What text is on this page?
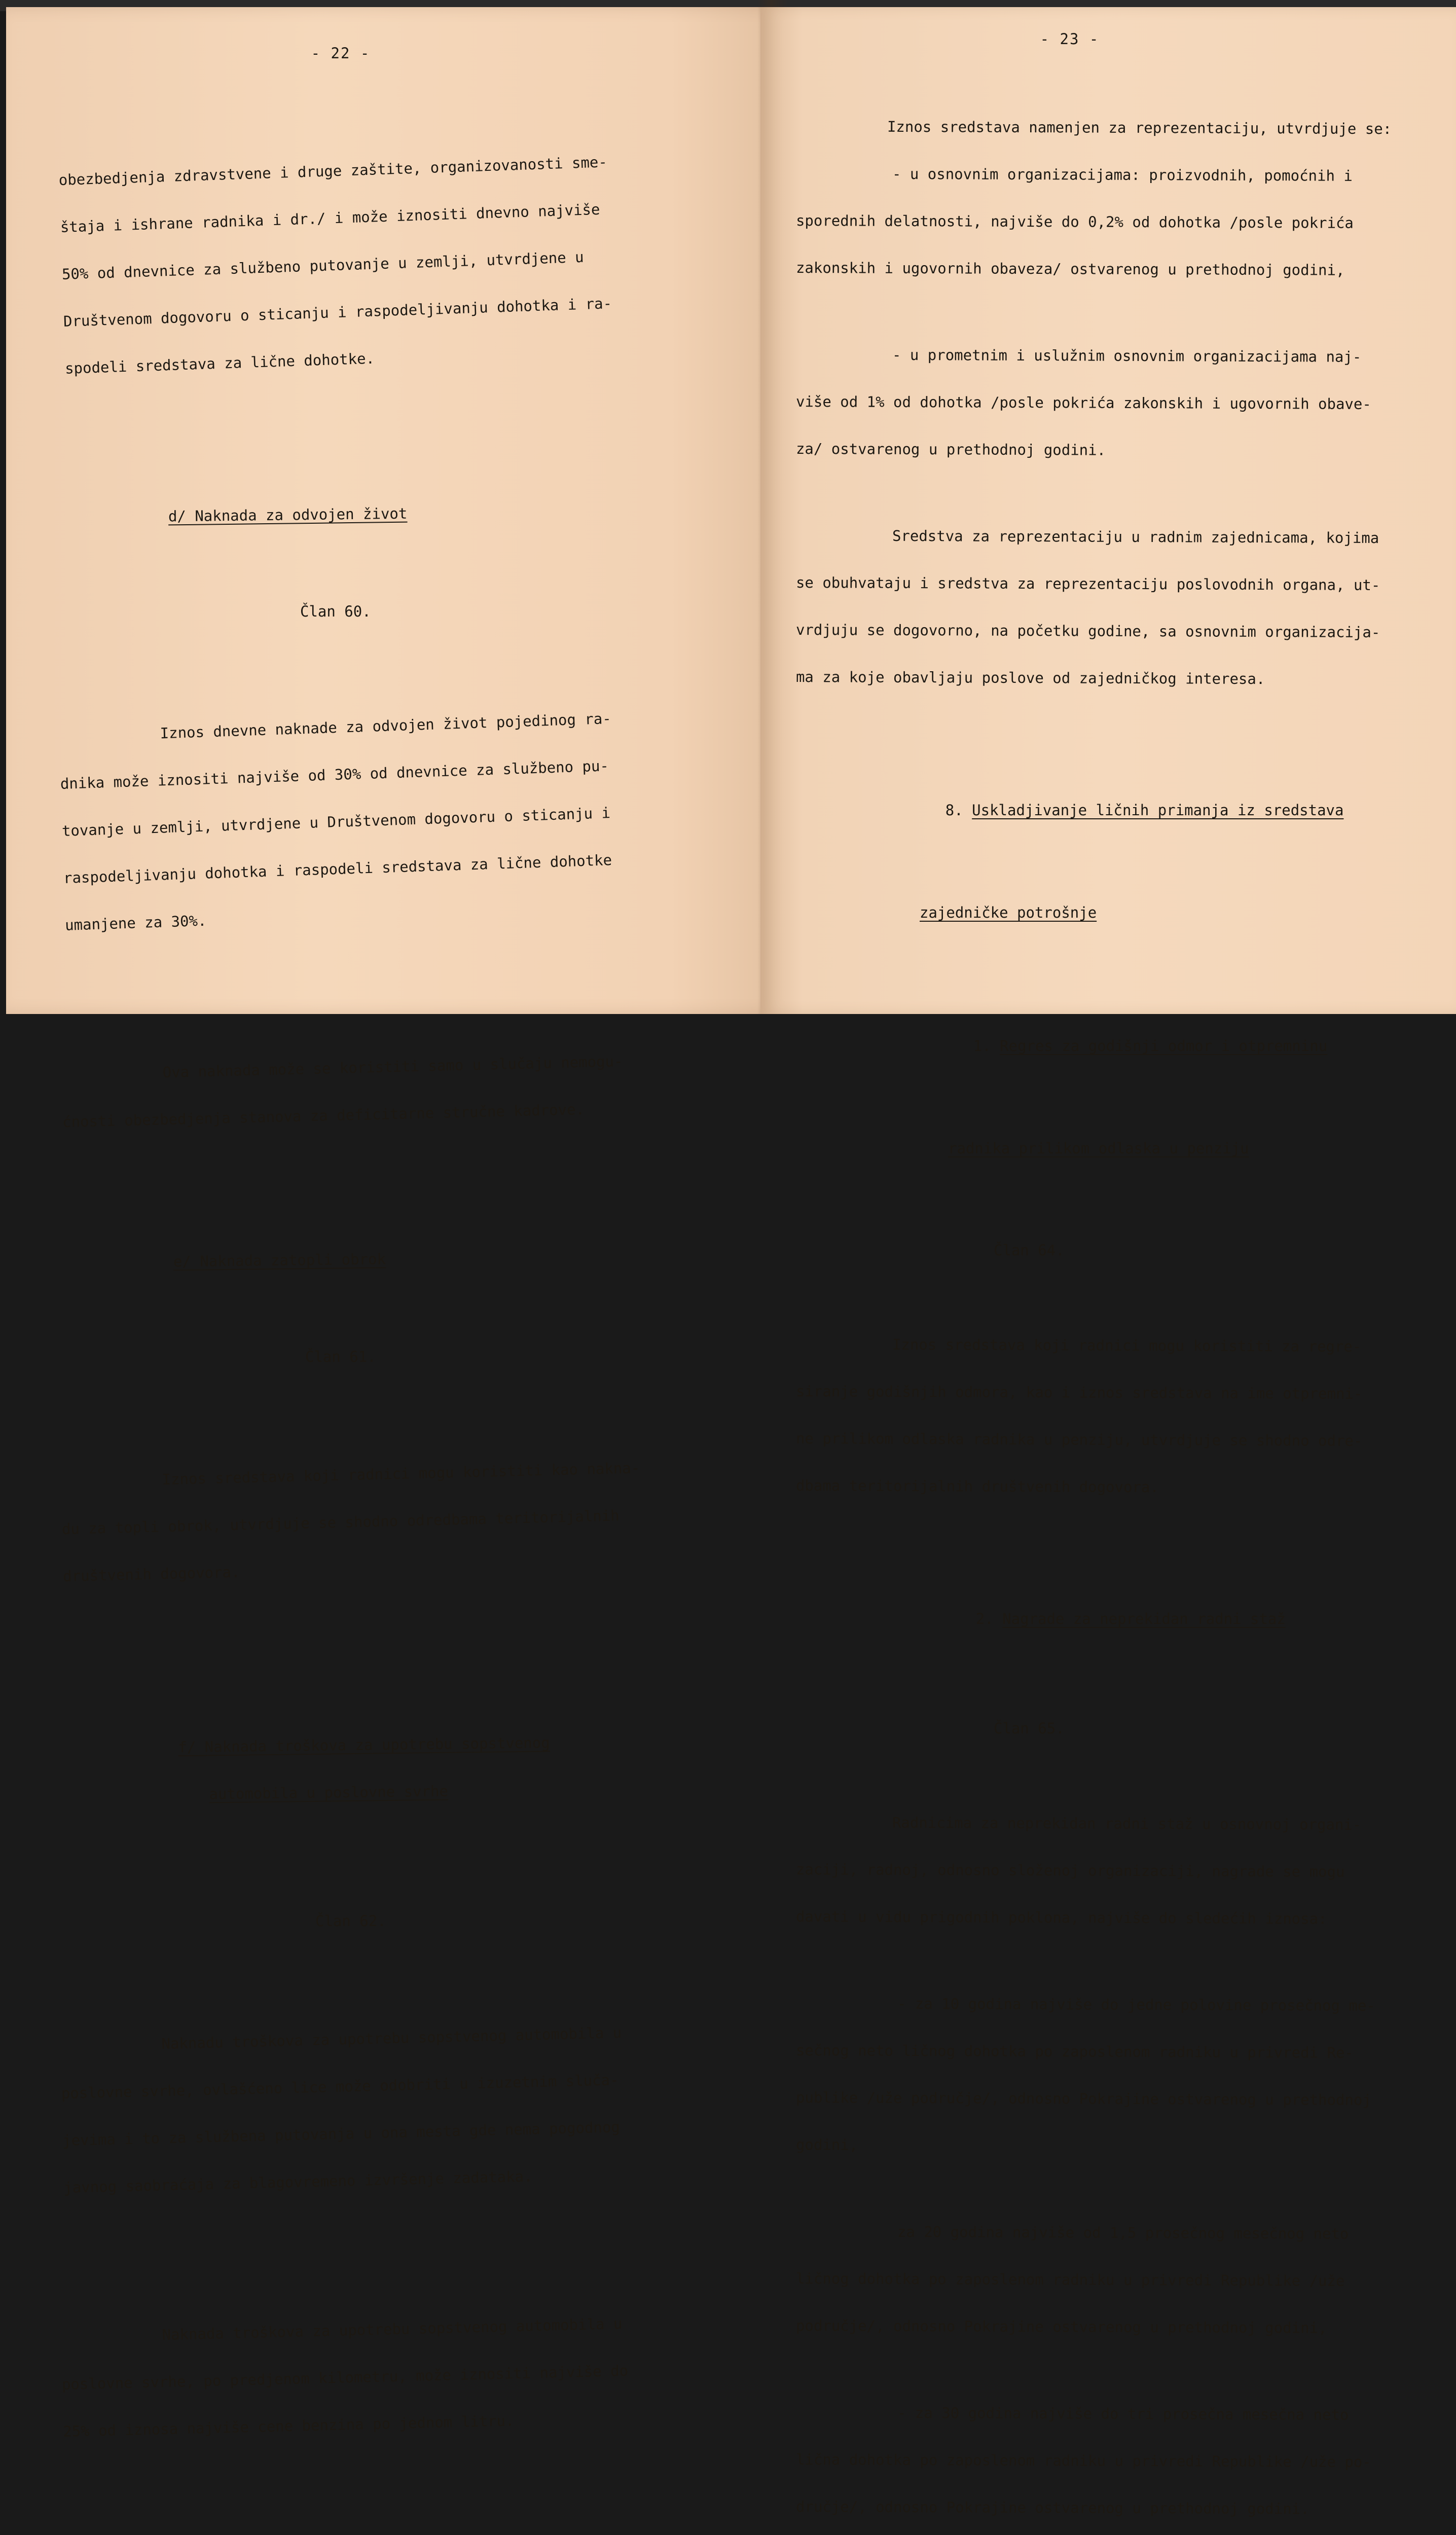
- 22 -

obezbedjenja zdravstvene i druge zaštite, organizovanosti sme-

štaja i ishrane radnika i dr./ i može iznositi dnevno najviše

50% od dnevnice za službeno putovanje u zemlji, utvrdjene u

Društvenom dogovoru o sticanju i raspodeljivanju dohotka i ra-

spodeli sredstava za lične dohotke.

d/ Naknada za odvojen život

Član 60.

Iznos dnevne naknade za odvojen život pojedinog ra-

dnika može iznositi najviše od 30% od dnevnice za službeno pu-

tovanje u zemlji, utvrdjene u Društvenom dogovoru o sticanju i

raspodeljivanju dohotka i raspodeli sredstava za lične dohotke

umanjene za 30%.

Ova naknada može se koristiti samo u slučaju nemogu-

ćnosti obezbedjenja stanova za deficitarne stručne kadrove.

e/ Naknada zatopli obrok

Član 61.

Iznos sredstava koji radnici mogu koristiti kao nakna-

du za topli obrok, utvrdjuje se shodno odredbama teritorijalnih

društvenih dogovora.

f/ Naknada troškova za upotrebu sopstvenog

automobila u poslovne svrhe

Član 62.

Naknadu troškova za upotrebu sopstvenog automobila u

poslovne svrhe, ovlašćeno lice može odobriti u izuzetnim sluča-

jevima i to za službena putovanja u ona mesta gde nema pogodnog

javnog saobraćaja za blagovremeno izvršenje zadataka.

Naknada troškova za upotrebu sopstvenog automobila u

poslovne svrhe, po predjenom kilometru, može iznositi najviše do

25% od iznosa najviše cene benzina po jednom litru.

- 23 -

Iznos sredstava namenjen za reprezentaciju, utvrdjuje se:

- u osnovnim organizacijama: proizvodnih, pomoćnih i

sporednih delatnosti, najviše do 0,2% od dohotka /posle pokrića

zakonskih i ugovornih obaveza/ ostvarenog u prethodnoj godini,

- u prometnim i uslužnim osnovnim organizacijama naj-

više od 1% od dohotka /posle pokrića zakonskih i ugovornih obave-

za/ ostvarenog u prethodnoj godini.

Sredstva za reprezentaciju u radnim zajednicama, kojima

se obuhvataju i sredstva za reprezentaciju poslovodnih organa, ut-

vrdjuju se dogovorno, na početku godine, sa osnovnim organizacija-

ma za koje obavljaju poslove od zajedničkog interesa.

8. Uskladjivanje ličnih primanja iz sredstava

zajedničke potrošnje

1. Regres za godišnji odmor i otpremninu

radnika prilikom odlaska u penziju

Član 64.

Iznos sredstava koji radnici mogu koristiti za regre-

siranje godišnjih odmora, kao i iznos sredstava na ime otpremni-

ne prilikom odlaska radnika u penziju, utvrdjuje se shodno odre-

dbama teritorijalnih društvenih dogovora.

2. Nagrade za neprekidan radni staž

Član 65.

Radnicima za neprekidan radni staž u osnovnoj organi-

zaciji, radnoj, odnosno složenoj organizaciji, nagrade se mogu

davati u vidu prigodnih poklona, najviše do sledećih iznosa:

- za 10 godina najviše do jedne polovine prosečnog me-

sečnog neto ličnog dohotka po zaposlenom radniku u privredi Re-

publike /uže područje/, odnosno Pokrajine ostvarenog u prethodnoj

godini,

za 20 godina najviše od 1,5 prosečnog mesečnog neto

ličnog dohotka po zaposlenom radniku u privredi Republike /uže

područje/, odnosno Pokrajine ostvarenog u prethodnoj godini,

- za 30 godina najviše do tri prosečna mesečna neto

lična dohotka po zaposlenom radniku u privredi Republike /uže po-

dručje/, odnosno Pokrajine ostvarenog u prethodnoj godini.
